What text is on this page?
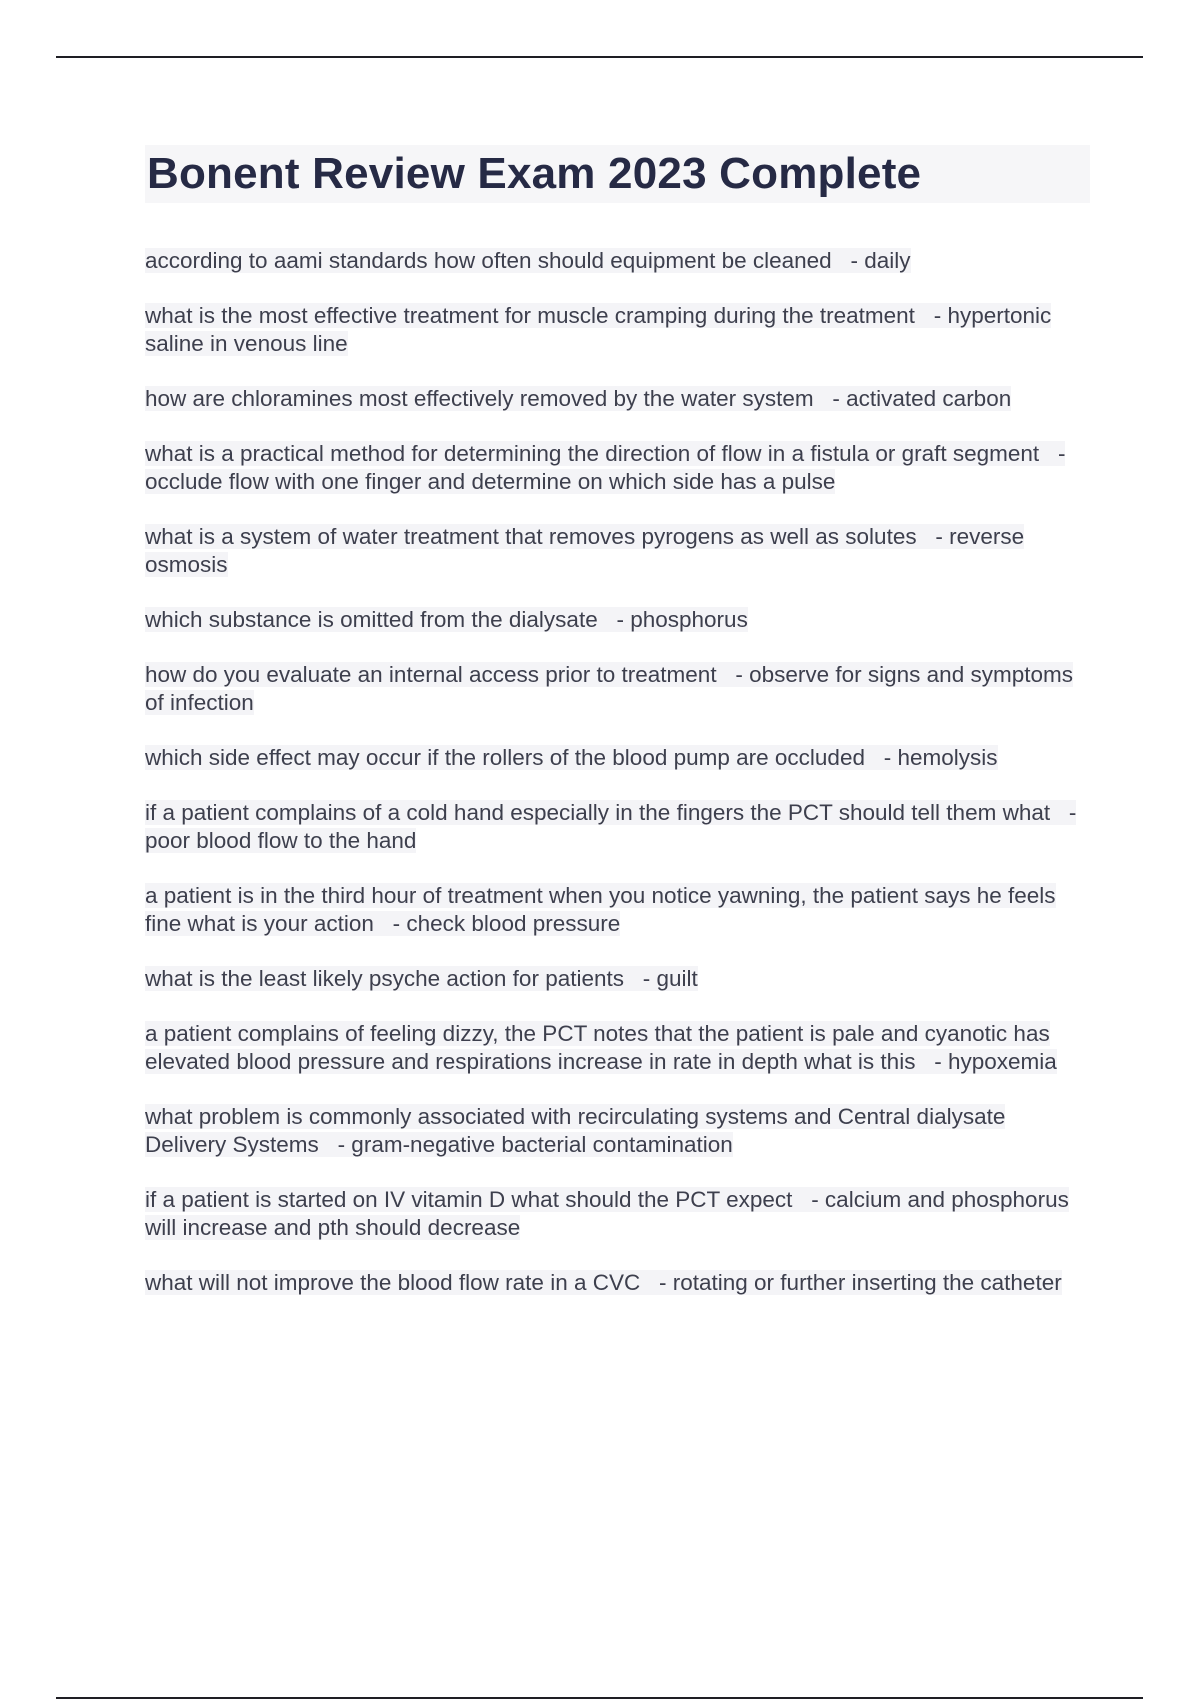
Bonent Review Exam 2023 Complete
according to aami standards how often should equipment be cleaned - daily
what is the most effective treatment for muscle cramping during the treatment - hypertonic saline in venous line
how are chloramines most effectively removed by the water system - activated carbon
what is a practical method for determining the direction of flow in a fistula or graft segment - occlude flow with one finger and determine on which side has a pulse
what is a system of water treatment that removes pyrogens as well as solutes - reverse osmosis
which substance is omitted from the dialysate - phosphorus
how do you evaluate an internal access prior to treatment - observe for signs and symptoms of infection
which side effect may occur if the rollers of the blood pump are occluded - hemolysis
if a patient complains of a cold hand especially in the fingers the PCT should tell them what - poor blood flow to the hand
a patient is in the third hour of treatment when you notice yawning, the patient says he feels fine what is your action - check blood pressure
what is the least likely psyche action for patients - guilt
a patient complains of feeling dizzy, the PCT notes that the patient is pale and cyanotic has elevated blood pressure and respirations increase in rate in depth what is this - hypoxemia
what problem is commonly associated with recirculating systems and Central dialysate Delivery Systems - gram-negative bacterial contamination
if a patient is started on IV vitamin D what should the PCT expect - calcium and phosphorus will increase and pth should decrease
what will not improve the blood flow rate in a CVC - rotating or further inserting the catheter
